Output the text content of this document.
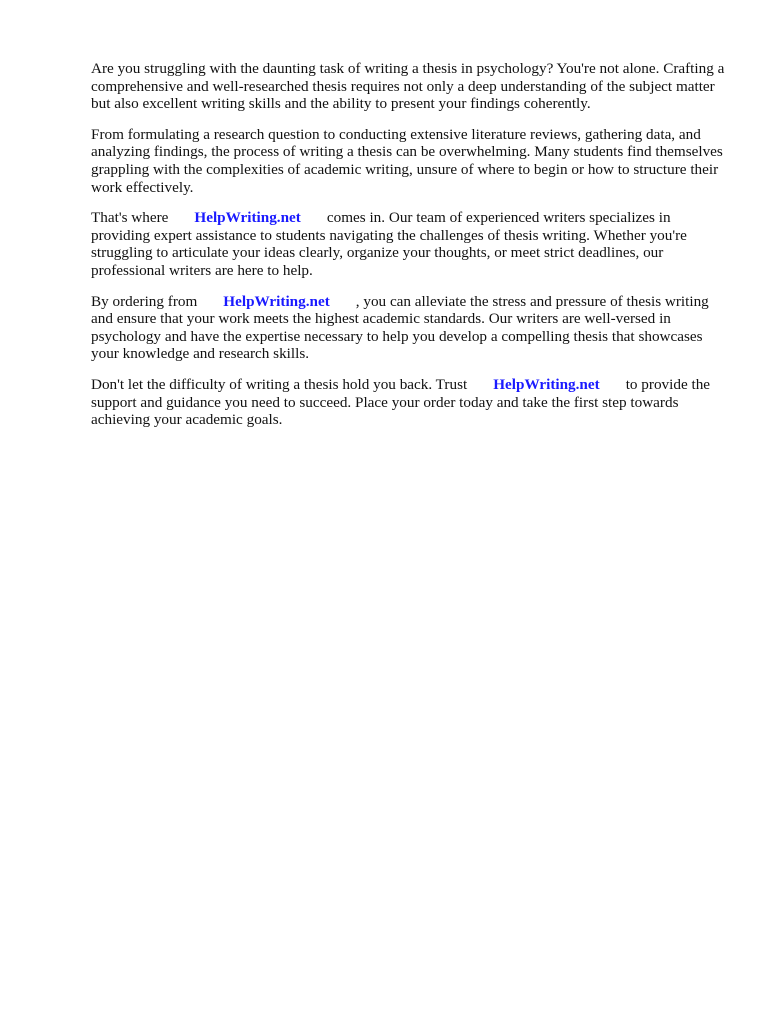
Are you struggling with the daunting task of writing a thesis in psychology? You're not alone. Crafting a comprehensive and well-researched thesis requires not only a deep understanding of the subject matter but also excellent writing skills and the ability to present your findings coherently.

From formulating a research question to conducting extensive literature reviews, gathering data, and analyzing findings, the process of writing a thesis can be overwhelming. Many students find themselves grappling with the complexities of academic writing, unsure of where to begin or how to structure their work effectively.

That's where HelpWriting.net comes in. Our team of experienced writers specializes in providing expert assistance to students navigating the challenges of thesis writing. Whether you're struggling to articulate your ideas clearly, organize your thoughts, or meet strict deadlines, our professional writers are here to help.

By ordering from HelpWriting.net , you can alleviate the stress and pressure of thesis writing and ensure that your work meets the highest academic standards. Our writers are well-versed in psychology and have the expertise necessary to help you develop a compelling thesis that showcases your knowledge and research skills.

Don't let the difficulty of writing a thesis hold you back. Trust HelpWriting.net to provide the support and guidance you need to succeed. Place your order today and take the first step towards achieving your academic goals.
